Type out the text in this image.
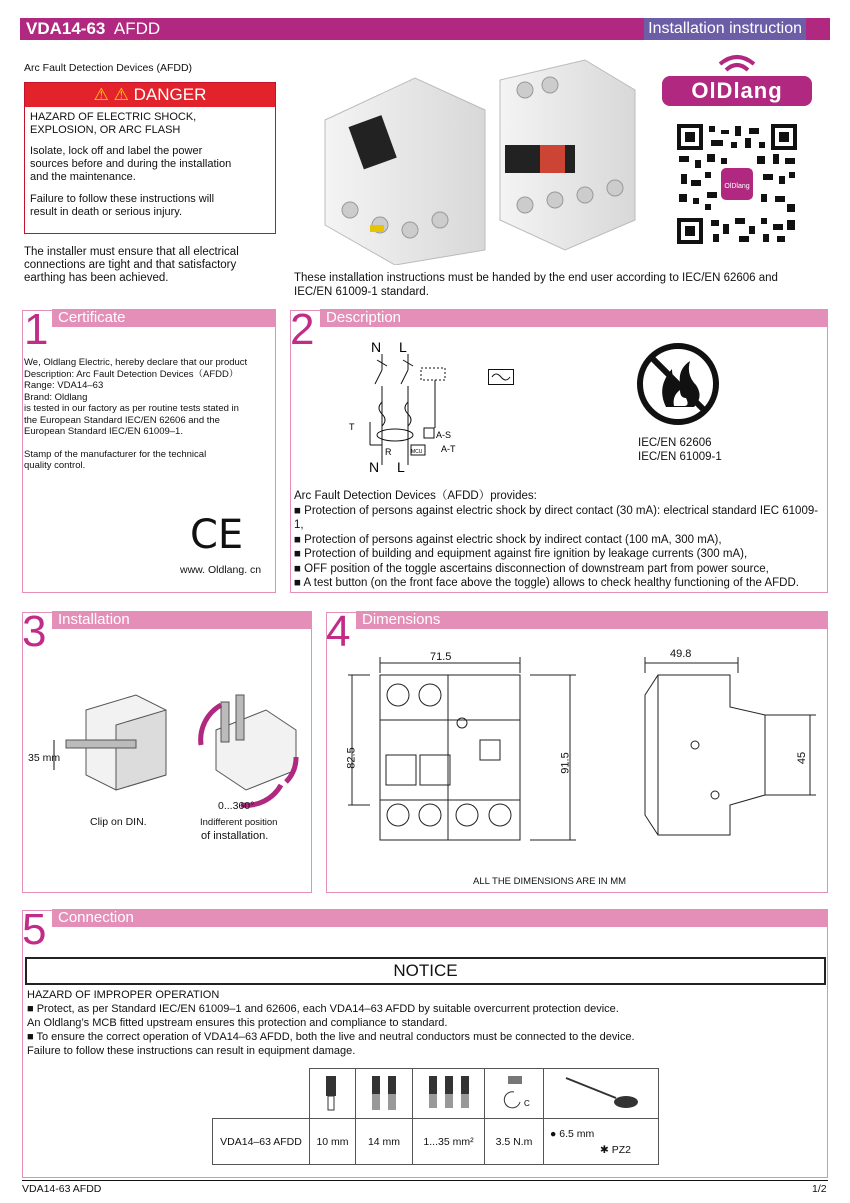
VDA14-63 AFDD	Installation instruction
Arc Fault Detection Devices (AFDD)
⚠ ⚠ DANGER
HAZARD OF ELECTRIC SHOCK,
EXPLOSION, OR ARC FLASH
Isolate, lock off and label the power
sources before and during the installation
and the maintenance.
Failure to follow these instructions will
result in death or serious injury.
The installer must ensure that all electrical
connections are tight and that satisfactory
earthing has been achieved.
OlDlang
OlDlang
These installation instructions must be handed by the end user according to IEC/EN 62606 and
IEC/EN 61009-1 standard.
Certificate
1
We, Oldlang Electric, hereby declare that our product
Description: Arc Fault Detection Devices（AFDD）
Range: VDA14–63
Brand: Oldlang
is tested in our factory as per routine tests stated in
the European Standard IEC/EN 62606 and the
European Standard IEC/EN 61009–1.
Stamp of the manufacturer for the technical
quality control.
CE
www. Oldlang. cn
Description
2	N L
T
R
A-S
MCU A-T
N L
IEC/EN 62606
IEC/EN 61009-1
Arc Fault Detection Devices（AFDD）provides:
■ Protection of persons against electric shock by direct contact (30 mA): electrical standard IEC 61009-1,
■ Protection of persons against electric shock by indirect contact (100 mA, 300 mA),
■ Protection of building and equipment against fire ignition by leakage currents (300 mA),
■ OFF position of the toggle ascertains disconnection of downstream part from power source,
■ A test button (on the front face above the toggle) allows to check healthy functioning of the AFDD.
Installation
3
35 mm
Clip on DIN.
0...360°
Indifferent position
of installation.
Dimensions
4
71.5
82.5	91.5
49.8
45
ALL THE DIMENSIONS ARE IN MM
Connection
5
NOTICE
HAZARD OF IMPROPER OPERATION
■ Protect, as per Standard IEC/EN 61009–1 and 62606, each VDA14–63 AFDD by suitable overcurrent protection device.
An Oldlang’s MCB fitted upstream ensures this protection and compliance to standard.
■ To ensure the correct operation of VDA14–63 AFDD, both the live and neutral conductors must be connected to the device.
Failure to follow these instructions can result in equipment damage.

C

VDA14–63 AFDD	10 mm	14 mm	1...35 mm²	3.5 N.m	● 6.5 mm
✱ PZ2
VDA14-63 AFDD	1/2
